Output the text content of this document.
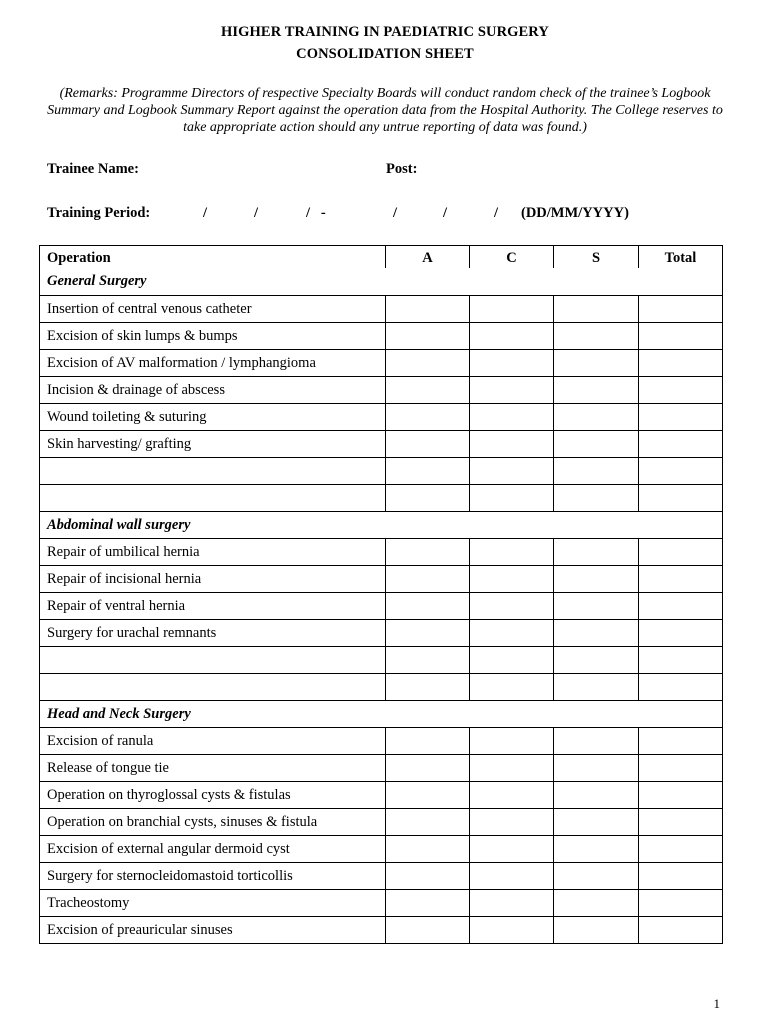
HIGHER TRAINING IN PAEDIATRIC SURGERY
CONSOLIDATION SHEET
(Remarks: Programme Directors of respective Specialty Boards will conduct random check of the trainee’s Logbook Summary and Logbook Summary Report against the operation data from the Hospital Authority. The College reserves to take appropriate action should any untrue reporting of data was found.)
Trainee Name:	Post:
Training Period:	/	/	/   -	/	/	/ (DD/MM/YYYY)
Operation	A	C	S	Total
General Surgery				
Insertion of central venous catheter				
Excision of skin lumps & bumps				
Excision of AV malformation / lymphangioma				
Incision & drainage of abscess				
Wound toileting & suturing				
Skin harvesting/ grafting				

Abdominal wall surgery				
Repair of umbilical hernia				
Repair of incisional hernia				
Repair of ventral hernia				
Surgery for urachal remnants				

Head and Neck Surgery				
Excision of ranula				
Release of tongue tie				
Operation on thyroglossal cysts & fistulas				
Operation on branchial cysts, sinuses & fistula				
Excision of external angular dermoid cyst				
Surgery for sternocleidomastoid torticollis				
Tracheostomy				
Excision of preauricular sinuses				
1
